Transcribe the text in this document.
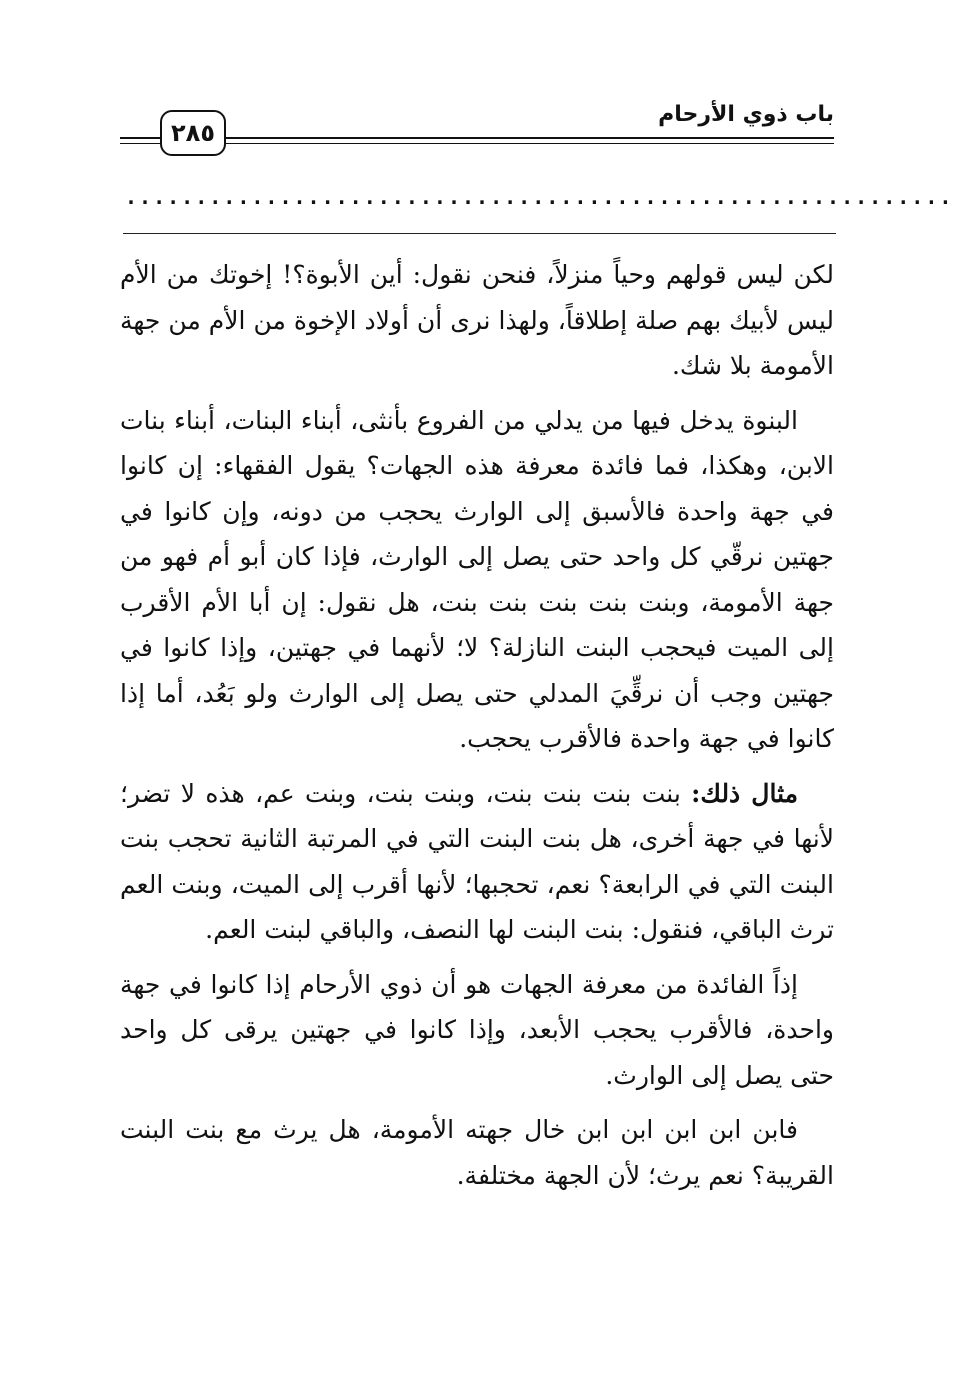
٢٨٥
باب ذوي الأرحام
...........................................................

لكن ليس قولهم وحياً منزلاً، فنحن نقول: أين الأبوة؟! إخوتك من الأم ليس لأبيك بهم صلة إطلاقاً، ولهذا نرى أن أولاد الإخوة من الأم من جهة الأمومة بلا شك.

البنوة يدخل فيها من يدلي من الفروع بأنثى، أبناء البنات، أبناء بنات الابن، وهكذا، فما فائدة معرفة هذه الجهات؟ يقول الفقهاء: إن كانوا في جهة واحدة فالأسبق إلى الوارث يحجب من دونه، وإن كانوا في جهتين نرقّي كل واحد حتى يصل إلى الوارث، فإذا كان أبو أم فهو من جهة الأمومة، وبنت بنت بنت بنت بنت، هل نقول: إن أبا الأم الأقرب إلى الميت فيحجب البنت النازلة؟ لا؛ لأنهما في جهتين، وإذا كانوا في جهتين وجب أن نرقِّيَ المدلي حتى يصل إلى الوارث ولو بَعُد، أما إذا كانوا في جهة واحدة فالأقرب يحجب.

مثال ذلك: بنت بنت بنت بنت، وبنت بنت، وبنت عم، هذه لا تضر؛ لأنها في جهة أخرى، هل بنت البنت التي في المرتبة الثانية تحجب بنت البنت التي في الرابعة؟ نعم، تحجبها؛ لأنها أقرب إلى الميت، وبنت العم ترث الباقي، فنقول: بنت البنت لها النصف، والباقي لبنت العم.

إذاً الفائدة من معرفة الجهات هو أن ذوي الأرحام إذا كانوا في جهة واحدة، فالأقرب يحجب الأبعد، وإذا كانوا في جهتين يرقى كل واحد حتى يصل إلى الوارث.

فابن ابن ابن ابن ابن خال جهته الأمومة، هل يرث مع بنت البنت القريبة؟ نعم يرث؛ لأن الجهة مختلفة.
